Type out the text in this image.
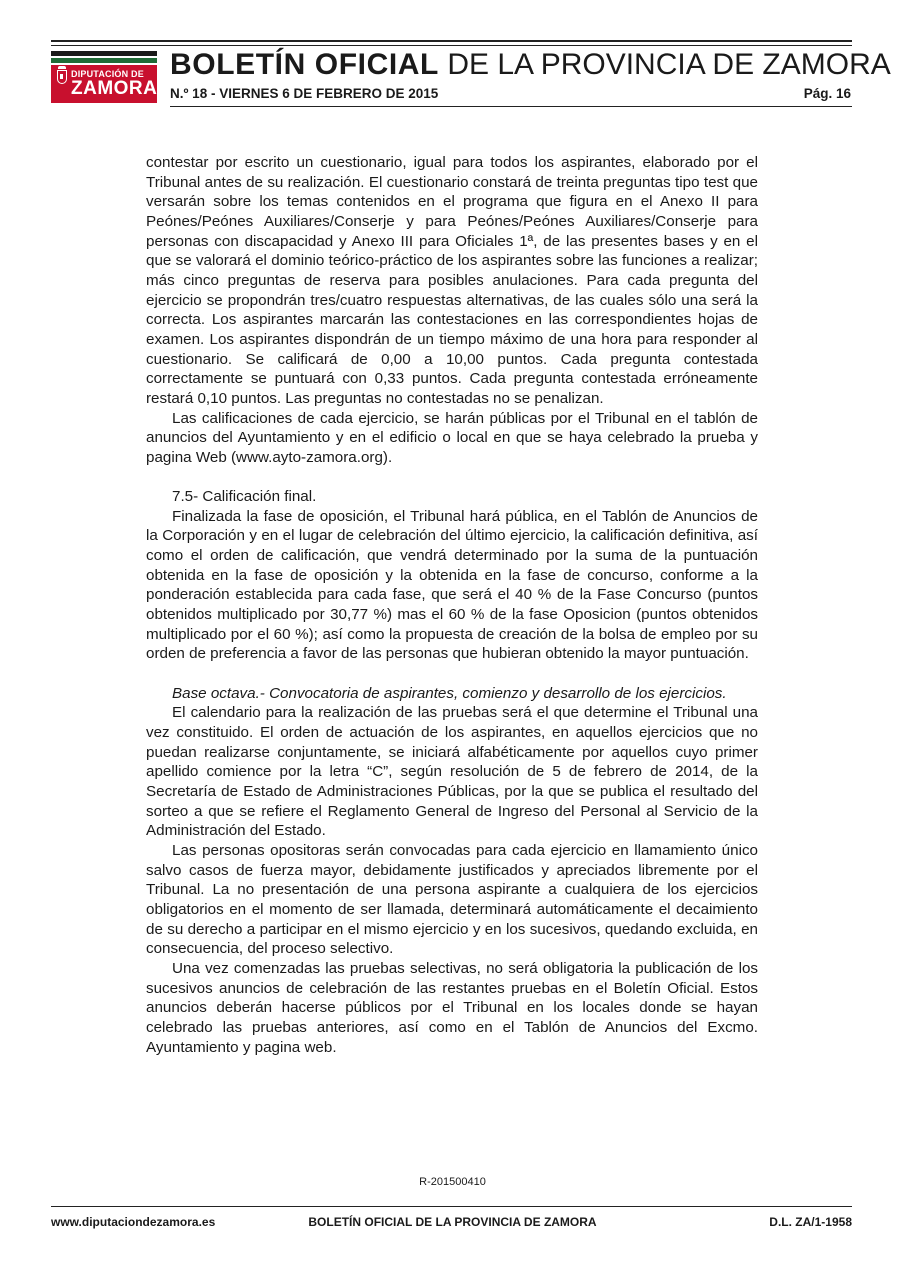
DIPUTACIÓN DE
ZAMORA
BOLETÍN OFICIAL DE LA PROVINCIA DE ZAMORA
N.º 18 - VIERNES 6 DE FEBRERO DE 2015	Pág. 16

contestar por escrito un cuestionario, igual para todos los aspirantes, elaborado por el Tribunal antes de su realización. El cuestionario constará de treinta preguntas tipo test que versarán sobre los temas contenidos en el programa que figura en el Anexo II para Peónes/Peónes Auxiliares/Conserje y para Peónes/Peónes Auxiliares/Conserje para personas con discapacidad y Anexo III para Oficiales 1ª, de las presentes bases y en el que se valorará el dominio teórico-práctico de los aspirantes sobre las funciones a realizar; más cinco preguntas de reserva para posibles anulaciones. Para cada pregunta del ejercicio se propondrán tres/cuatro respuestas alternativas, de las cuales sólo una será la correcta. Los aspirantes marcarán las contestaciones en las correspondientes hojas de examen. Los aspirantes dispondrán de un tiempo máximo de una hora para responder al cuestionario. Se calificará de 0,00 a 10,00 puntos. Cada pregunta contestada correctamente se puntuará con 0,33 puntos. Cada pregunta contestada erróneamente restará 0,10 puntos. Las preguntas no contestadas no se penalizan.

Las calificaciones de cada ejercicio, se harán públicas por el Tribunal en el tablón de anuncios del Ayuntamiento y en el edificio o local en que se haya celebrado la prueba y pagina Web (www.ayto-zamora.org).

7.5- Calificación final.

Finalizada la fase de oposición, el Tribunal hará pública, en el Tablón de Anuncios de la Corporación y en el lugar de celebración del último ejercicio, la calificación definitiva, así como el orden de calificación, que vendrá determinado por la suma de la puntuación obtenida en la fase de oposición y la obtenida en la fase de concurso, conforme a la ponderación establecida para cada fase, que será el 40 % de la Fase Concurso (puntos obtenidos multiplicado por 30,77 %) mas el 60 % de la fase Oposicion (puntos obtenidos multiplicado por el 60 %); así como la propuesta de creación de la bolsa de empleo por su orden de preferencia a favor de las personas que hubieran obtenido la mayor puntuación.

Base octava.- Convocatoria de aspirantes, comienzo y desarrollo de los ejercicios.

El calendario para la realización de las pruebas será el que determine el Tribunal una vez constituido. El orden de actuación de los aspirantes, en aquellos ejercicios que no puedan realizarse conjuntamente, se iniciará alfabéticamente por aquellos cuyo primer apellido comience por la letra “C”, según resolución de 5 de febrero de 2014, de la Secretaría de Estado de Administraciones Públicas, por la que se publica el resultado del sorteo a que se refiere el Reglamento General de Ingreso del Personal al Servicio de la Administración del Estado.

Las personas opositoras serán convocadas para cada ejercicio en llamamiento único salvo casos de fuerza mayor, debidamente justificados y apreciados libremente por el Tribunal. La no presentación de una persona aspirante a cualquiera de los ejercicios obligatorios en el momento de ser llamada, determinará automáticamente el decaimiento de su derecho a participar en el mismo ejercicio y en los sucesivos, quedando excluida, en consecuencia, del proceso selectivo.

Una vez comenzadas las pruebas selectivas, no será obligatoria la publicación de los sucesivos anuncios de celebración de las restantes pruebas en el Boletín Oficial. Estos anuncios deberán hacerse públicos por el Tribunal en los locales donde se hayan celebrado las pruebas anteriores, así como en el Tablón de Anuncios del Excmo. Ayuntamiento y pagina web.

R-201500410
www.diputaciondezamora.es	BOLETÍN OFICIAL DE LA PROVINCIA DE ZAMORA	D.L. ZA/1-1958
